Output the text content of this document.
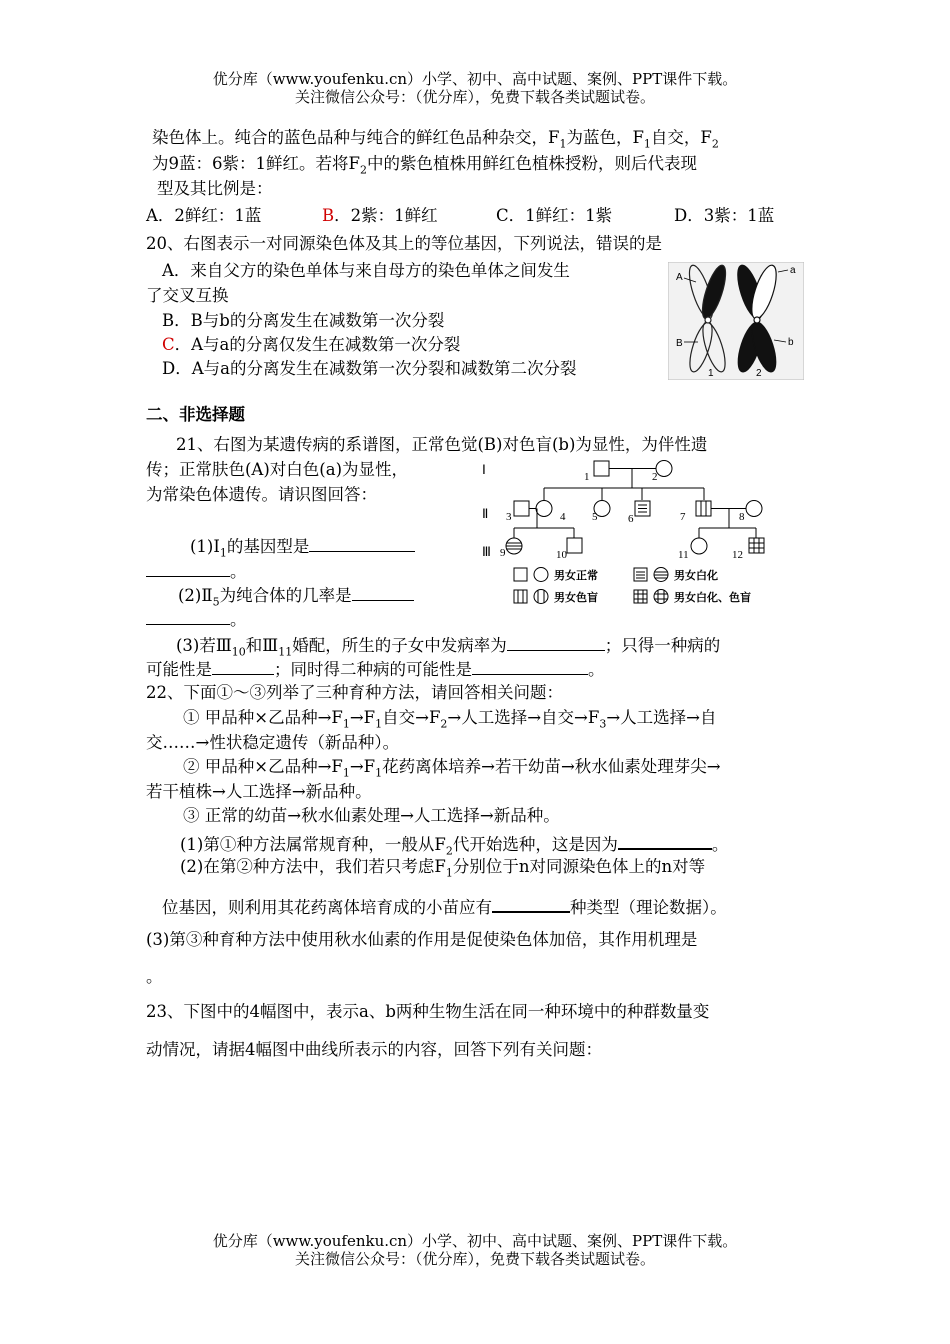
优分库（www.youfenku.cn）小学、初中、高中试题、案例、PPT课件下载。
关注微信公众号：（优分库），免费下载各类试题试卷。
染色体上。纯合的蓝色品种与纯合的鲜红色品种杂交，$F_1$为蓝色，$F_1$自交，$F_2$
为9蓝：6紫：1鲜红。若将$F_2$中的紫色植株用鲜红色植株授粉，则后代表现
型及其比例是：
A．2鲜红：1蓝	B．2紫：1鲜红	C．1鲜红：1紫	D．3紫：1蓝
20、右图表示一对同源染色体及其上的等位基因，下列说法，错误的是
A．来自父方的染色单体与来自母方的染色单体之间发生
了交叉互换
B．B与b的分离发生在减数第一次分裂
C．A与a的分离仅发生在减数第一次分裂
D．A与a的分离发生在减数第一次分裂和减数第二次分裂
A
a
B	b
1	2
二、非选择题
21、右图为某遗传病的系谱图，正常色觉(B)对色盲(b)为显性，为伴性遗
传；正常肤色(A)对白色(a)为显性，
为常染色体遗传。请识图回答：
$(1)Ⅰ_1$的基因型是
。
$(2)Ⅱ_5$为纯合体的几率是
。
(3)若$Ⅲ_{10}$和$Ⅲ_{11}$婚配，所生的子女中发病率为	；只得一种病的
可能性是	；同时得二种病的可能性是	。
Ⅰ
Ⅱ
Ⅲ
1	2
3	4 5	6	7	8
9	10	11	12
男女正常	男女白化
男女色盲	男女白化、色盲
22、下面①～③列举了三种育种方法，请回答相关问题：
① 甲品种×乙品种$\to F_1\to F_1$自交$\to F_2\to$人工选择→自交$\to F_3\to$人工选择→自
交……→性状稳定遗传（新品种）。
② 甲品种×乙品种$\to F_1\to F_1$花药离体培养→若干幼苗→秋水仙素处理芽尖→
若干植株→人工选择→新品种。
③ 正常的幼苗→秋水仙素处理→人工选择→新品种。
(1)第①种方法属常规育种，一般从$F_2$代开始选种，这是因为	。
(2)在第②种方法中，我们若只考虑$F_1$分别位于n对同源染色体上的n对等
位基因，则利用其花药离体培育成的小苗应有	种类型（理论数据）。
(3)第③种育种方法中使用秋水仙素的作用是促使染色体加倍，其作用机理是
。
23、下图中的4幅图中，表示a、b两种生物生活在同一种环境中的种群数量变
动情况，请据4幅图中曲线所表示的内容，回答下列有关问题：
优分库（www.youfenku.cn）小学、初中、高中试题、案例、PPT课件下载。
关注微信公众号：（优分库），免费下载各类试题试卷。
